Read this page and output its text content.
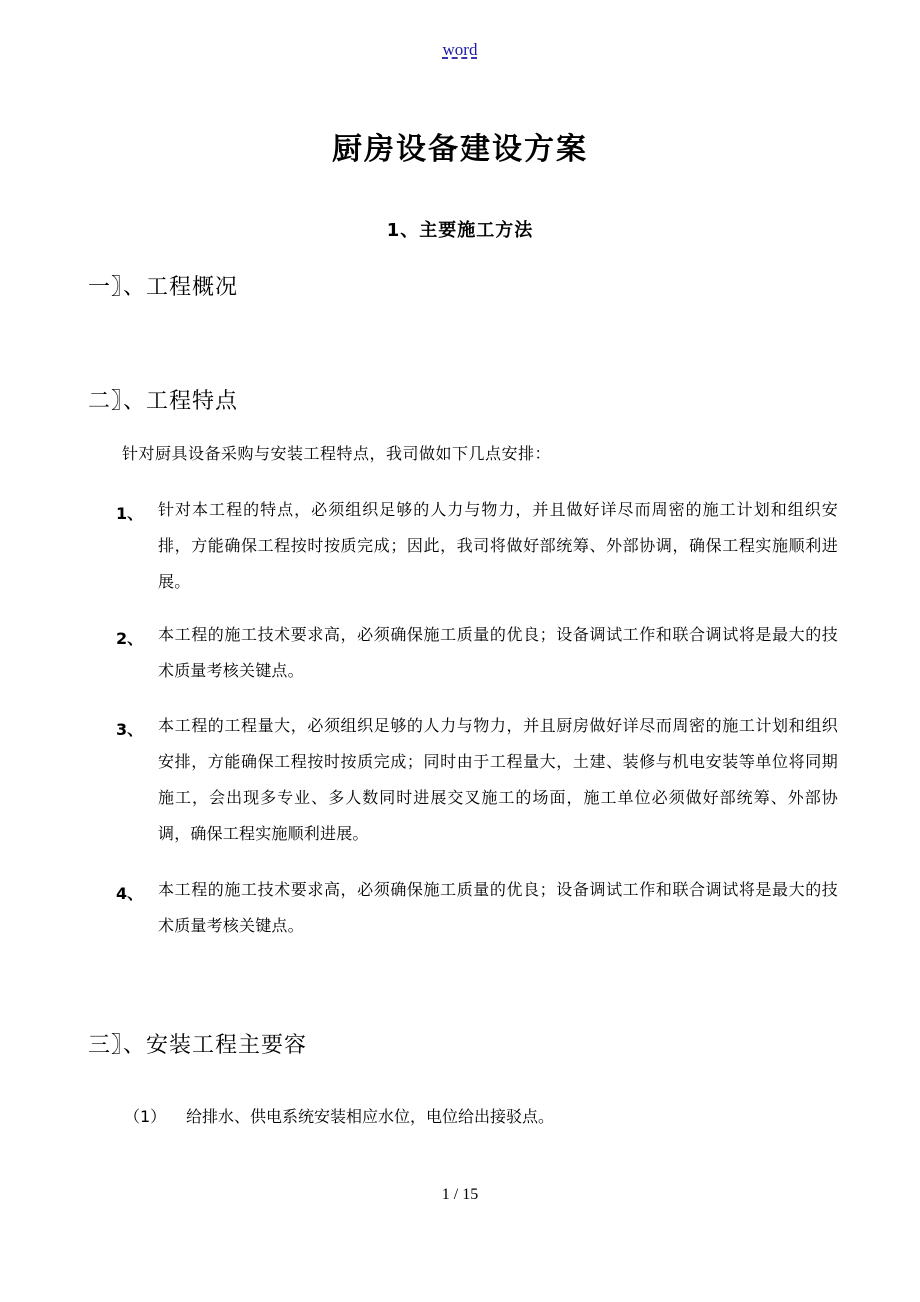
word
厨房设备建设方案
1、主要施工方法
一〗、工程概况
二〗、工程特点
针对厨具设备采购与安装工程特点，我司做如下几点安排：
1、 针对本工程的特点，必须组织足够的人力与物力，并且做好详尽而周密的施工计划和组织安排，方能确保工程按时按质完成；因此，我司将做好部统筹、外部协调，确保工程实施顺利进展。
2、 本工程的施工技术要求高，必须确保施工质量的优良；设备调试工作和联合调试将是最大的技术质量考核关键点。
3、 本工程的工程量大，必须组织足够的人力与物力，并且厨房做好详尽而周密的施工计划和组织安排，方能确保工程按时按质完成；同时由于工程量大，土建、装修与机电安装等单位将同期施工，会出现多专业、多人数同时进展交叉施工的场面，施工单位必须做好部统筹、外部协调，确保工程实施顺利进展。
4、 本工程的施工技术要求高，必须确保施工质量的优良；设备调试工作和联合调试将是最大的技术质量考核关键点。
三〗、安装工程主要容
（1） 给排水、供电系统安装相应水位，电位给出接驳点。
1 / 15
